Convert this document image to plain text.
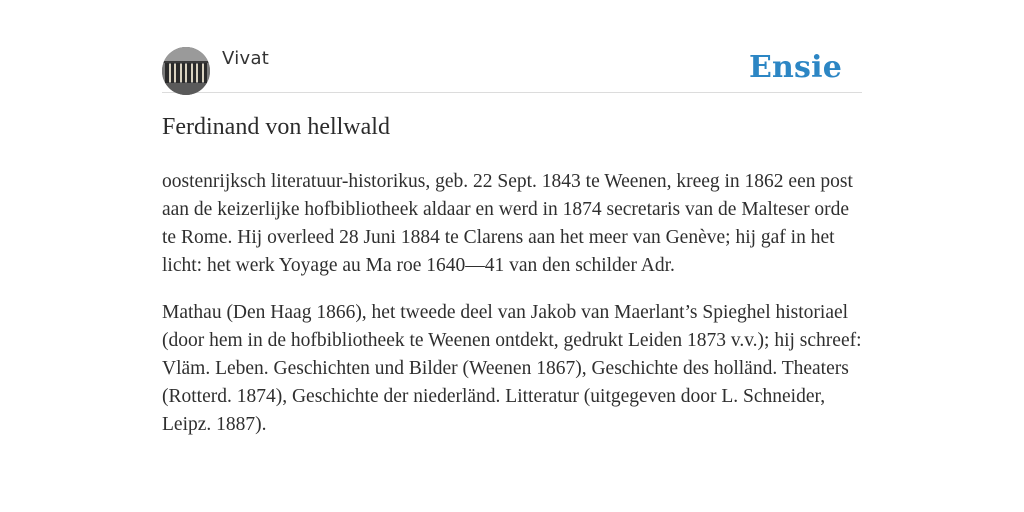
Vivat	Ensie
Ferdinand von hellwald

oostenrijksch literatuur-historikus, geb. 22 Sept. 1843 te Weenen, kreeg in 1862 een post aan de keizerlijke hofbibliotheek aldaar en werd in 1874 secretaris van de Malteser orde te Rome. Hij overleed 28 Juni 1884 te Clarens aan het meer van Genève; hij gaf in het licht: het werk Yoyage au Ma roe 1640—41 van den schilder Adr.

Mathau (Den Haag 1866), het tweede deel van Jakob van Maerlant’s Spieghel historiael (door hem in de hofbibliotheek te Weenen ontdekt, gedrukt Leiden 1873 v.v.); hij schreef: Vläm. Leben. Geschichten und Bilder (Weenen 1867), Geschichte des holländ. Theaters (Rotterd. 1874), Geschichte der niederländ. Litteratur (uitgegeven door L. Schneider, Leipz. 1887).
